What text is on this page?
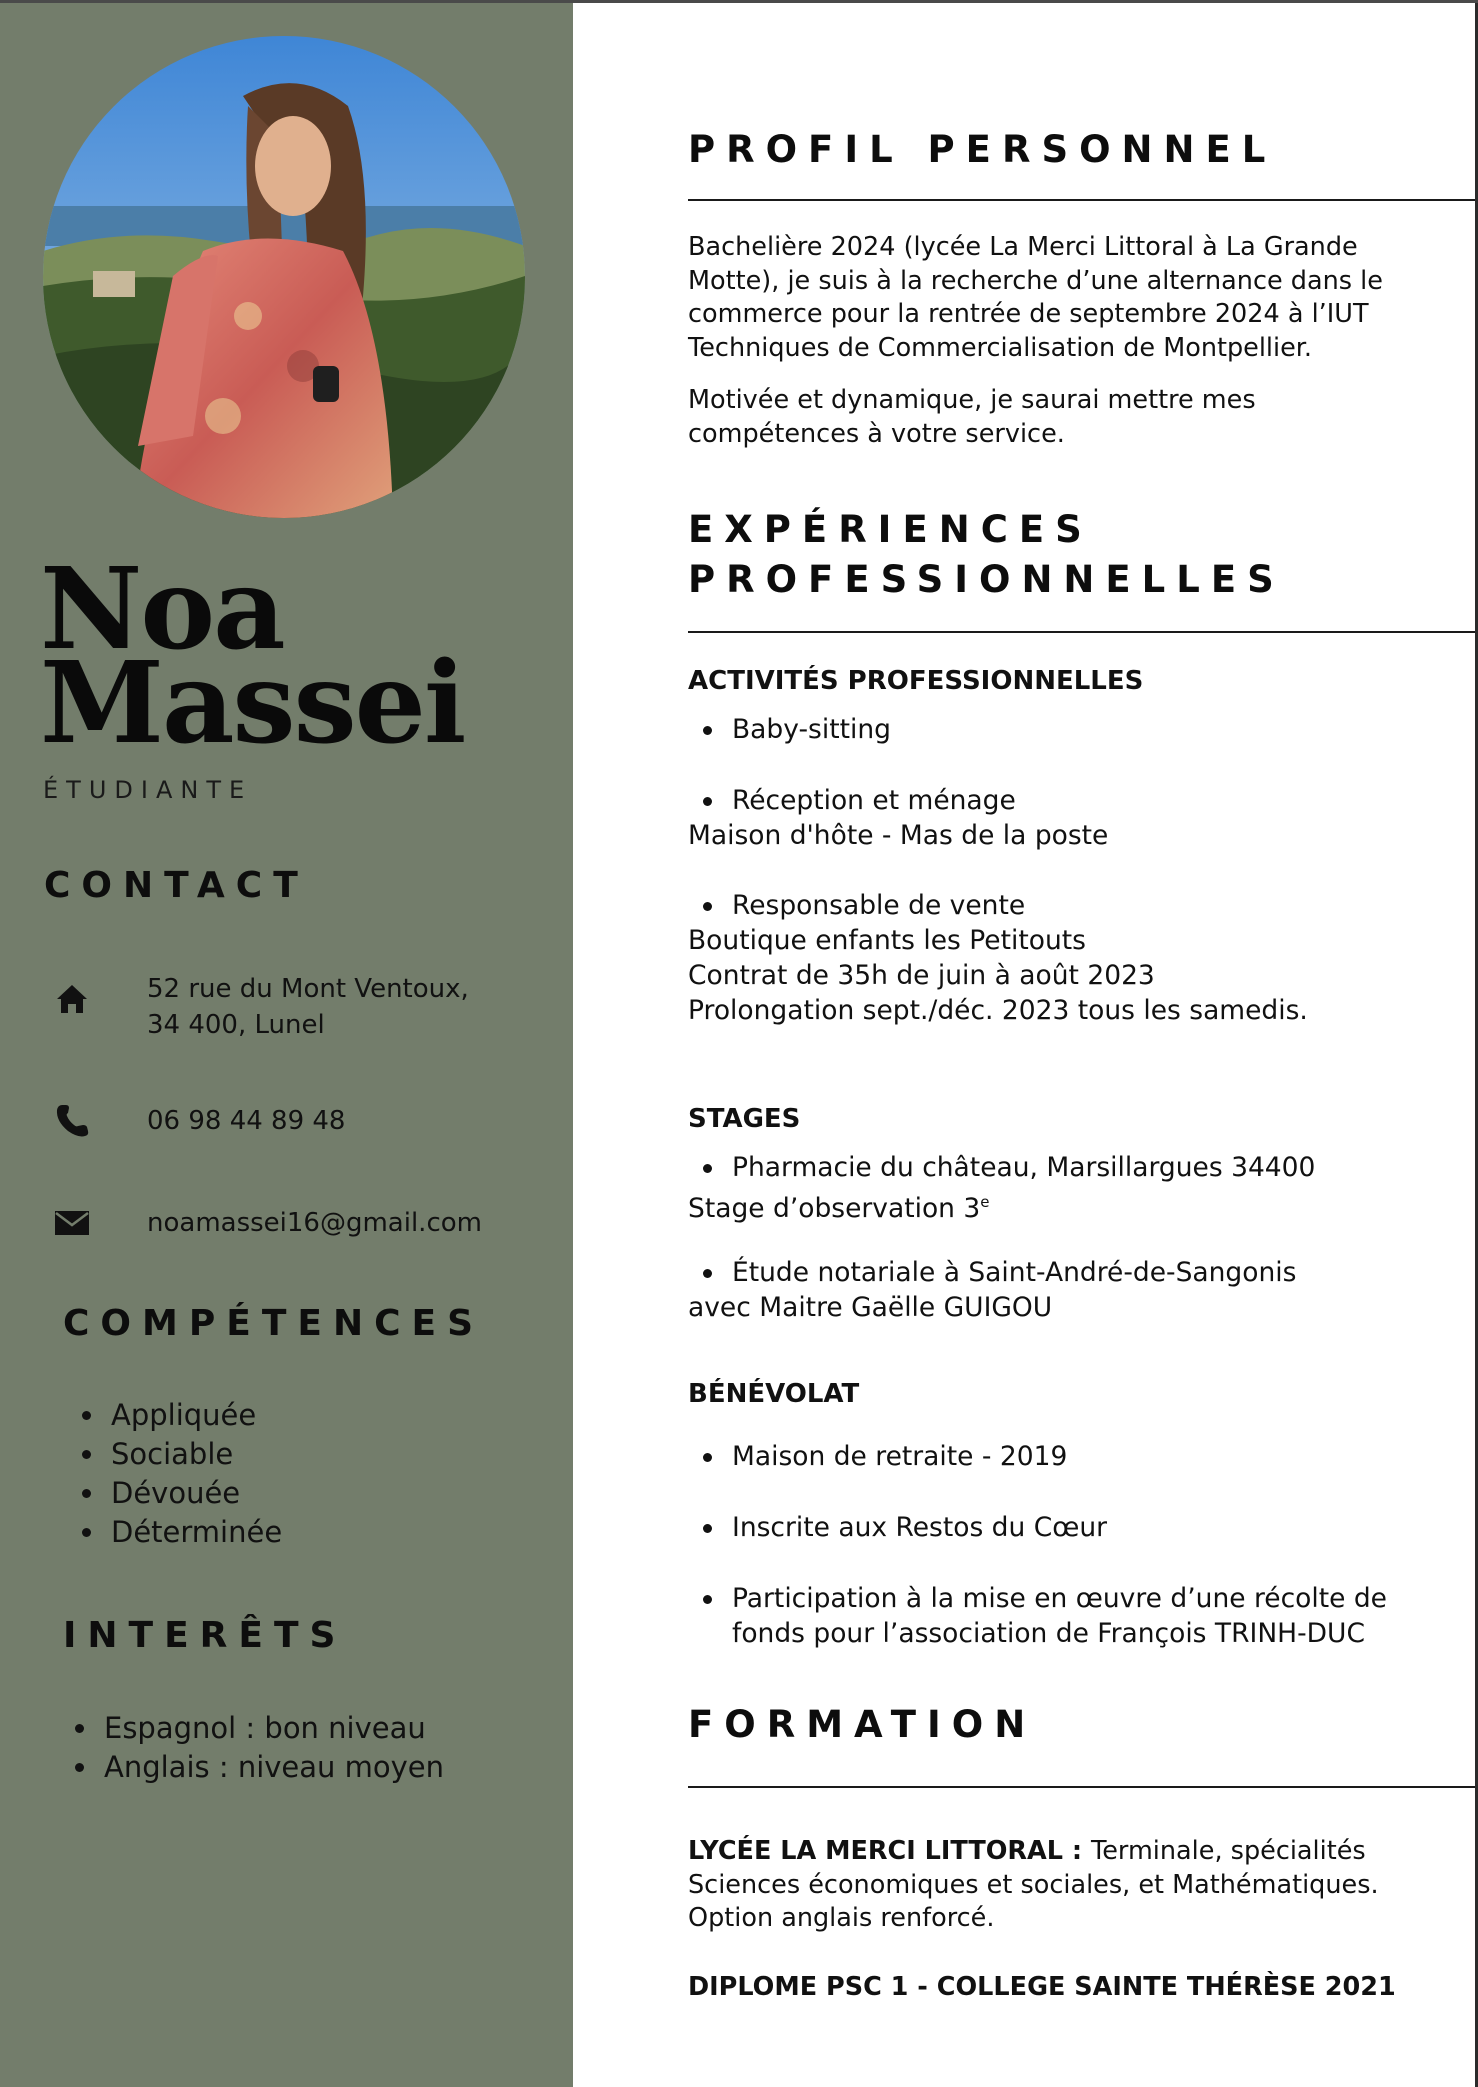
Noa
Massei
ÉTUDIANTE
CONTACT
52 rue du Mont Ventoux,
34 400, Lunel
06 98 44 89 48
noamassei16@gmail.com
COMPÉTENCES
Appliquée
Sociable
Dévouée
Déterminée
INTERÊTS
Espagnol : bon niveau
Anglais : niveau moyen
PROFIL PERSONNEL
Bachelière 2024 (lycée La Merci Littoral à La Grande
Motte), je suis à la recherche d’une alternance dans le
commerce pour la rentrée de septembre 2024 à l’IUT
Techniques de Commercialisation de Montpellier.
Motivée et dynamique, je saurai mettre mes
compétences à votre service.
EXPÉRIENCES
PROFESSIONNELLES
ACTIVITÉS PROFESSIONNELLES
Baby-sitting
Réception et ménage
Maison d'hôte - Mas de la poste
Responsable de vente
Boutique enfants les Petitouts
Contrat de 35h de juin à août 2023
Prolongation sept./déc. 2023 tous les samedis.
STAGES
Pharmacie du château, Marsillargues 34400
Stage d’observation 3e
Étude notariale à Saint-André-de-Sangonis
avec Maitre Gaëlle GUIGOU
BÉNÉVOLAT
Maison de retraite - 2019
Inscrite aux Restos du Cœur
Participation à la mise en œuvre d’une récolte de
fonds pour l’association de François TRINH-DUC
FORMATION
LYCÉE LA MERCI LITTORAL : Terminale, spécialités
Sciences économiques et sociales, et Mathématiques.
Option anglais renforcé.
DIPLOME PSC 1 - COLLEGE SAINTE THÉRÈSE 2021
